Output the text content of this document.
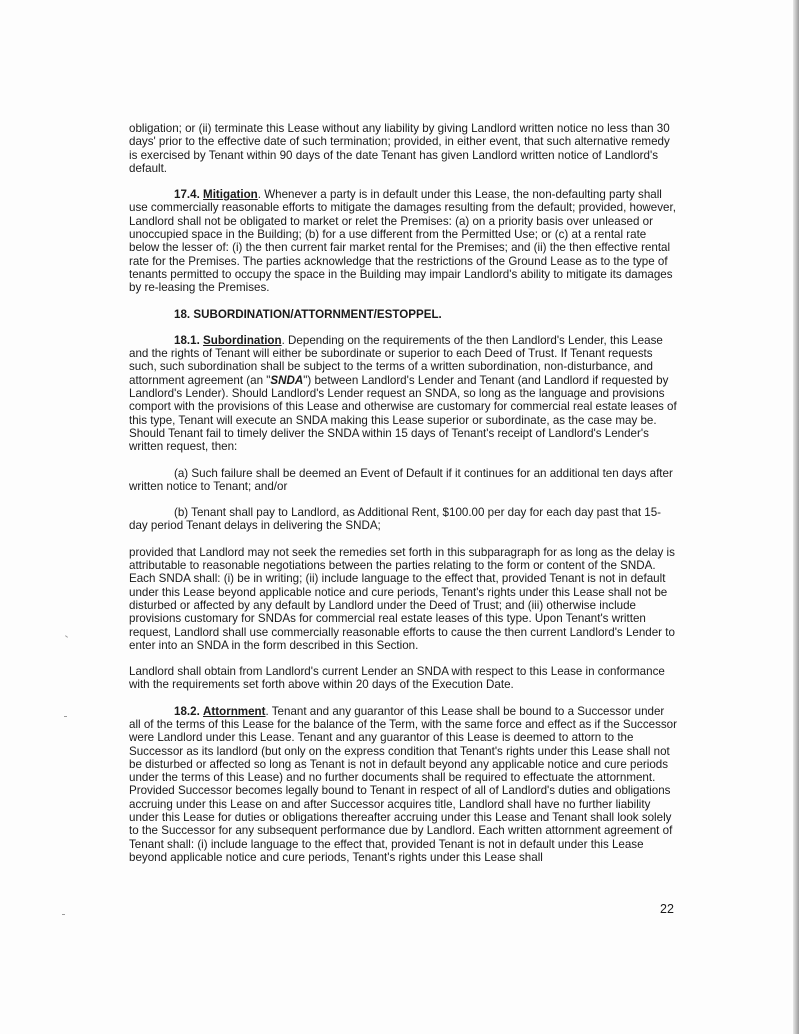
obligation; or (ii) terminate this Lease without any liability by giving Landlord written notice no less than 30 days' prior to the effective date of such termination; provided, in either event, that such alternative remedy is exercised by Tenant within 90 days of the date Tenant has given Landlord written notice of Landlord's default.

17.4. Mitigation. Whenever a party is in default under this Lease, the non-defaulting party shall use commercially reasonable efforts to mitigate the damages resulting from the default; provided, however, Landlord shall not be obligated to market or relet the Premises: (a) on a priority basis over unleased or unoccupied space in the Building; (b) for a use different from the Permitted Use; or (c) at a rental rate below the lesser of: (i) the then current fair market rental for the Premises; and (ii) the then effective rental rate for the Premises. The parties acknowledge that the restrictions of the Ground Lease as to the type of tenants permitted to occupy the space in the Building may impair Landlord's ability to mitigate its damages by re-leasing the Premises.

18. SUBORDINATION/ATTORNMENT/ESTOPPEL.

18.1. Subordination. Depending on the requirements of the then Landlord's Lender, this Lease and the rights of Tenant will either be subordinate or superior to each Deed of Trust. If Tenant requests such, such subordination shall be subject to the terms of a written subordination, non-disturbance, and attornment agreement (an "SNDA") between Landlord's Lender and Tenant (and Landlord if requested by Landlord's Lender). Should Landlord's Lender request an SNDA, so long as the language and provisions comport with the provisions of this Lease and otherwise are customary for commercial real estate leases of this type, Tenant will execute an SNDA making this Lease superior or subordinate, as the case may be. Should Tenant fail to timely deliver the SNDA within 15 days of Tenant's receipt of Landlord's Lender's written request, then:

(a) Such failure shall be deemed an Event of Default if it continues for an additional ten days after written notice to Tenant; and/or

(b) Tenant shall pay to Landlord, as Additional Rent, $100.00 per day for each day past that 15-day period Tenant delays in delivering the SNDA;

provided that Landlord may not seek the remedies set forth in this subparagraph for as long as the delay is attributable to reasonable negotiations between the parties relating to the form or content of the SNDA. Each SNDA shall: (i) be in writing; (ii) include language to the effect that, provided Tenant is not in default under this Lease beyond applicable notice and cure periods, Tenant's rights under this Lease shall not be disturbed or affected by any default by Landlord under the Deed of Trust; and (iii) otherwise include provisions customary for SNDAs for commercial real estate leases of this type. Upon Tenant's written request, Landlord shall use commercially reasonable efforts to cause the then current Landlord's Lender to enter into an SNDA in the form described in this Section.

Landlord shall obtain from Landlord's current Lender an SNDA with respect to this Lease in conformance with the requirements set forth above within 20 days of the Execution Date.

18.2. Attornment. Tenant and any guarantor of this Lease shall be bound to a Successor under all of the terms of this Lease for the balance of the Term, with the same force and effect as if the Successor were Landlord under this Lease. Tenant and any guarantor of this Lease is deemed to attorn to the Successor as its landlord (but only on the express condition that Tenant's rights under this Lease shall not be disturbed or affected so long as Tenant is not in default beyond any applicable notice and cure periods under the terms of this Lease) and no further documents shall be required to effectuate the attornment. Provided Successor becomes legally bound to Tenant in respect of all of Landlord's duties and obligations accruing under this Lease on and after Successor acquires title, Landlord shall have no further liability under this Lease for duties or obligations thereafter accruing under this Lease and Tenant shall look solely to the Successor for any subsequent performance due by Landlord. Each written attornment agreement of Tenant shall: (i) include language to the effect that, provided Tenant is not in default under this Lease beyond applicable notice and cure periods, Tenant's rights under this Lease shall

22
